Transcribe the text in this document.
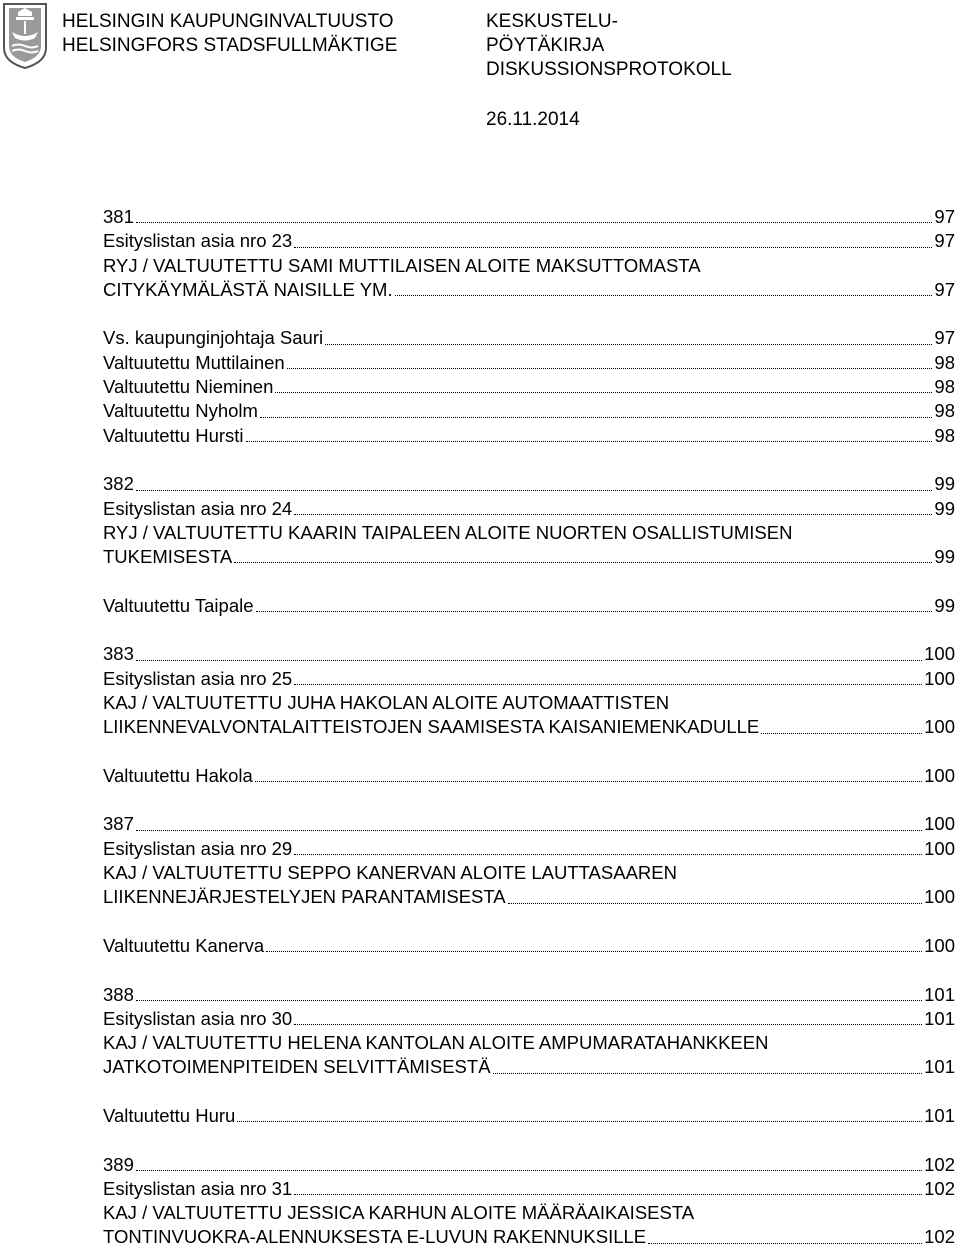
HELSINGIN KAUPUNGINVALTUUSTO
HELSINGFORS STADSFULLMÄKTIGE
KESKUSTELU-
PÖYTÄKIRJA
DISKUSSIONSPROTOKOLL
26.11.2014
381	97
Esityslistan asia nro 23	97
RYJ / VALTUUTETTU SAMI MUTTILAISEN ALOITE MAKSUTTOMASTA
CITYKÄYMÄLÄSTÄ NAISILLE YM.	97
Vs. kaupunginjohtaja Sauri	97
Valtuutettu Muttilainen	98
Valtuutettu Nieminen	98
Valtuutettu Nyholm	98
Valtuutettu Hursti	98
382	99
Esityslistan asia nro 24	99
RYJ / VALTUUTETTU KAARIN TAIPALEEN ALOITE NUORTEN OSALLISTUMISEN
TUKEMISESTA	99
Valtuutettu Taipale	99
383	100
Esityslistan asia nro 25	100
KAJ / VALTUUTETTU JUHA HAKOLAN ALOITE AUTOMAATTISTEN
LIIKENNEVALVONTALAITTEISTOJEN SAAMISESTA KAISANIEMENKADULLE	100
Valtuutettu Hakola	100
387	100
Esityslistan asia nro 29	100
KAJ / VALTUUTETTU SEPPO KANERVAN ALOITE LAUTTASAAREN
LIIKENNEJÄRJESTELYJEN PARANTAMISESTA	100
Valtuutettu Kanerva	100
388	101
Esityslistan asia nro 30	101
KAJ / VALTUUTETTU HELENA KANTOLAN ALOITE AMPUMARATAHANKKEEN
JATKOTOIMENPITEIDEN SELVITTÄMISESTÄ	101
Valtuutettu Huru	101
389	102
Esityslistan asia nro 31	102
KAJ / VALTUUTETTU JESSICA KARHUN ALOITE MÄÄRÄAIKAISESTA
TONTINVUOKRA-ALENNUKSESTA E-LUVUN RAKENNUKSILLE	102
